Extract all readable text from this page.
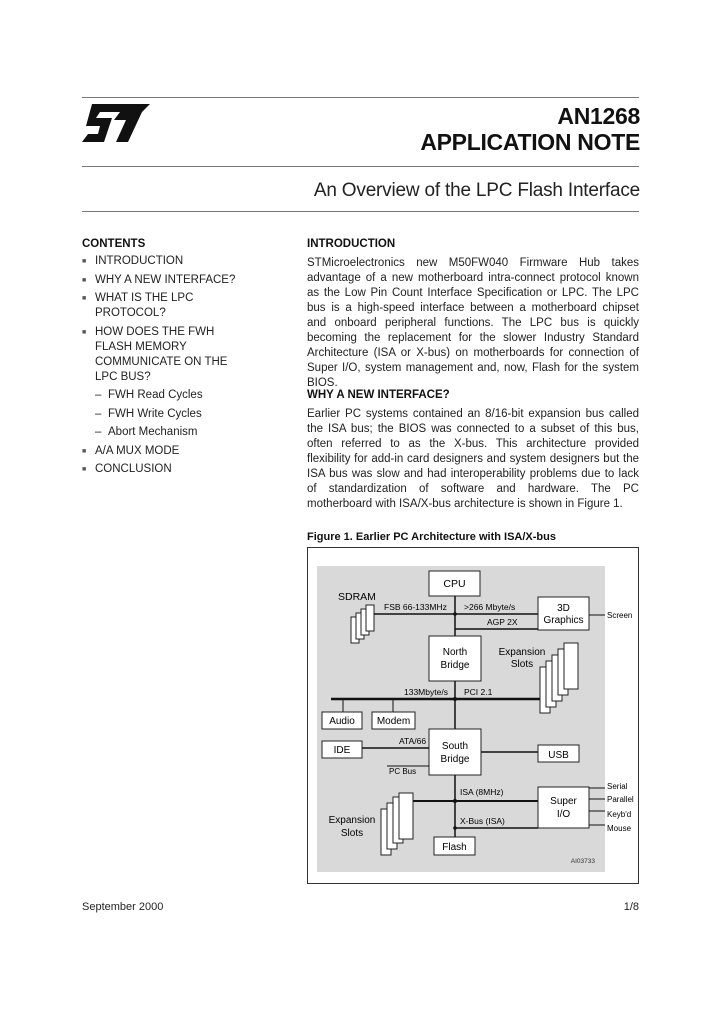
AN1268
APPLICATION NOTE
An Overview of the LPC Flash Interface
CONTENTS
■ INTRODUCTION
■ WHY A NEW INTERFACE?
■ WHAT IS THE LPC PROTOCOL?
■ HOW DOES THE FWH FLASH MEMORY COMMUNICATE ON THE LPC BUS?
– FWH Read Cycles
– FWH Write Cycles
– Abort Mechanism
■ A/A MUX MODE
■ CONCLUSION
INTRODUCTION
STMicroelectronics new M50FW040 Firmware Hub takes advantage of a new motherboard intra-connect protocol known as the Low Pin Count Interface Specification or LPC. The LPC bus is a high-speed interface between a motherboard chipset and onboard peripheral functions. The LPC bus is quickly becoming the replacement for the slower Industry Standard Architecture (ISA or X-bus) on motherboards for connection of Super I/O, system management and, now, Flash for the system BIOS.
WHY A NEW INTERFACE?
Earlier PC systems contained an 8/16-bit expansion bus called the ISA bus; the BIOS was connected to a subset of this bus, often referred to as the X-bus. This architecture provided flexibility for add-in card designers and system designers but the ISA bus was slow and had interoperability problems due to lack of standardization of software and hardware. The PC motherboard with ISA/X-bus architecture is shown in Figure 1.
Figure 1. Earlier PC Architecture with ISA/X-bus
SDRAM
CPU
FSB 66-133MHz >266 Mbyte/s
AGP 2X
3D
Graphics	Screen
North
Bridge
Expansion
Slots
133Mbyte/s PCI 2.1
Audio Modem
South
Bridge
IDE
ATA/66
USB
PC Bus
ISA (8MHz)
Expansion
Slots
X-Bus (ISA)
Super
I/O
Serial
Parallel
Keyb'd
Mouse
Flash
AI03733
September 2000	1/8
